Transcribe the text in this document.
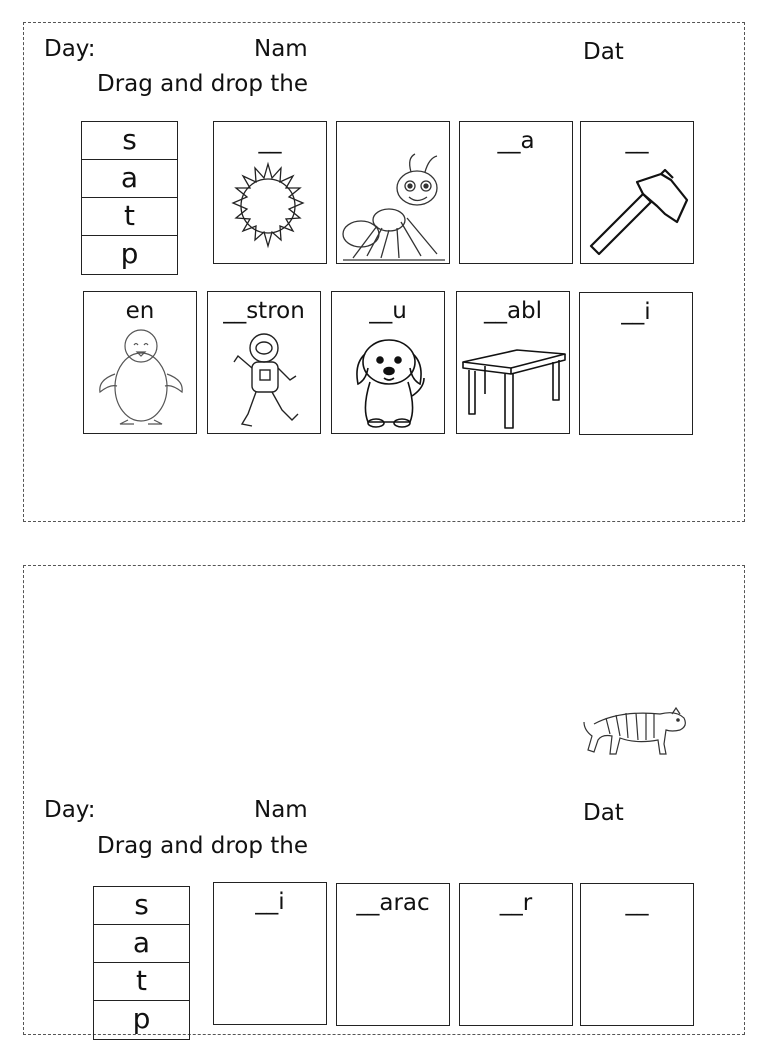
Day:	Nam	Dat
Drag and drop the
s
a
t
p
__	__a	__
en	__stron	__u	__abl	__i
Day:	Nam	Dat
Drag and drop the
s
a
t
p
__i	__arac	__r	__
